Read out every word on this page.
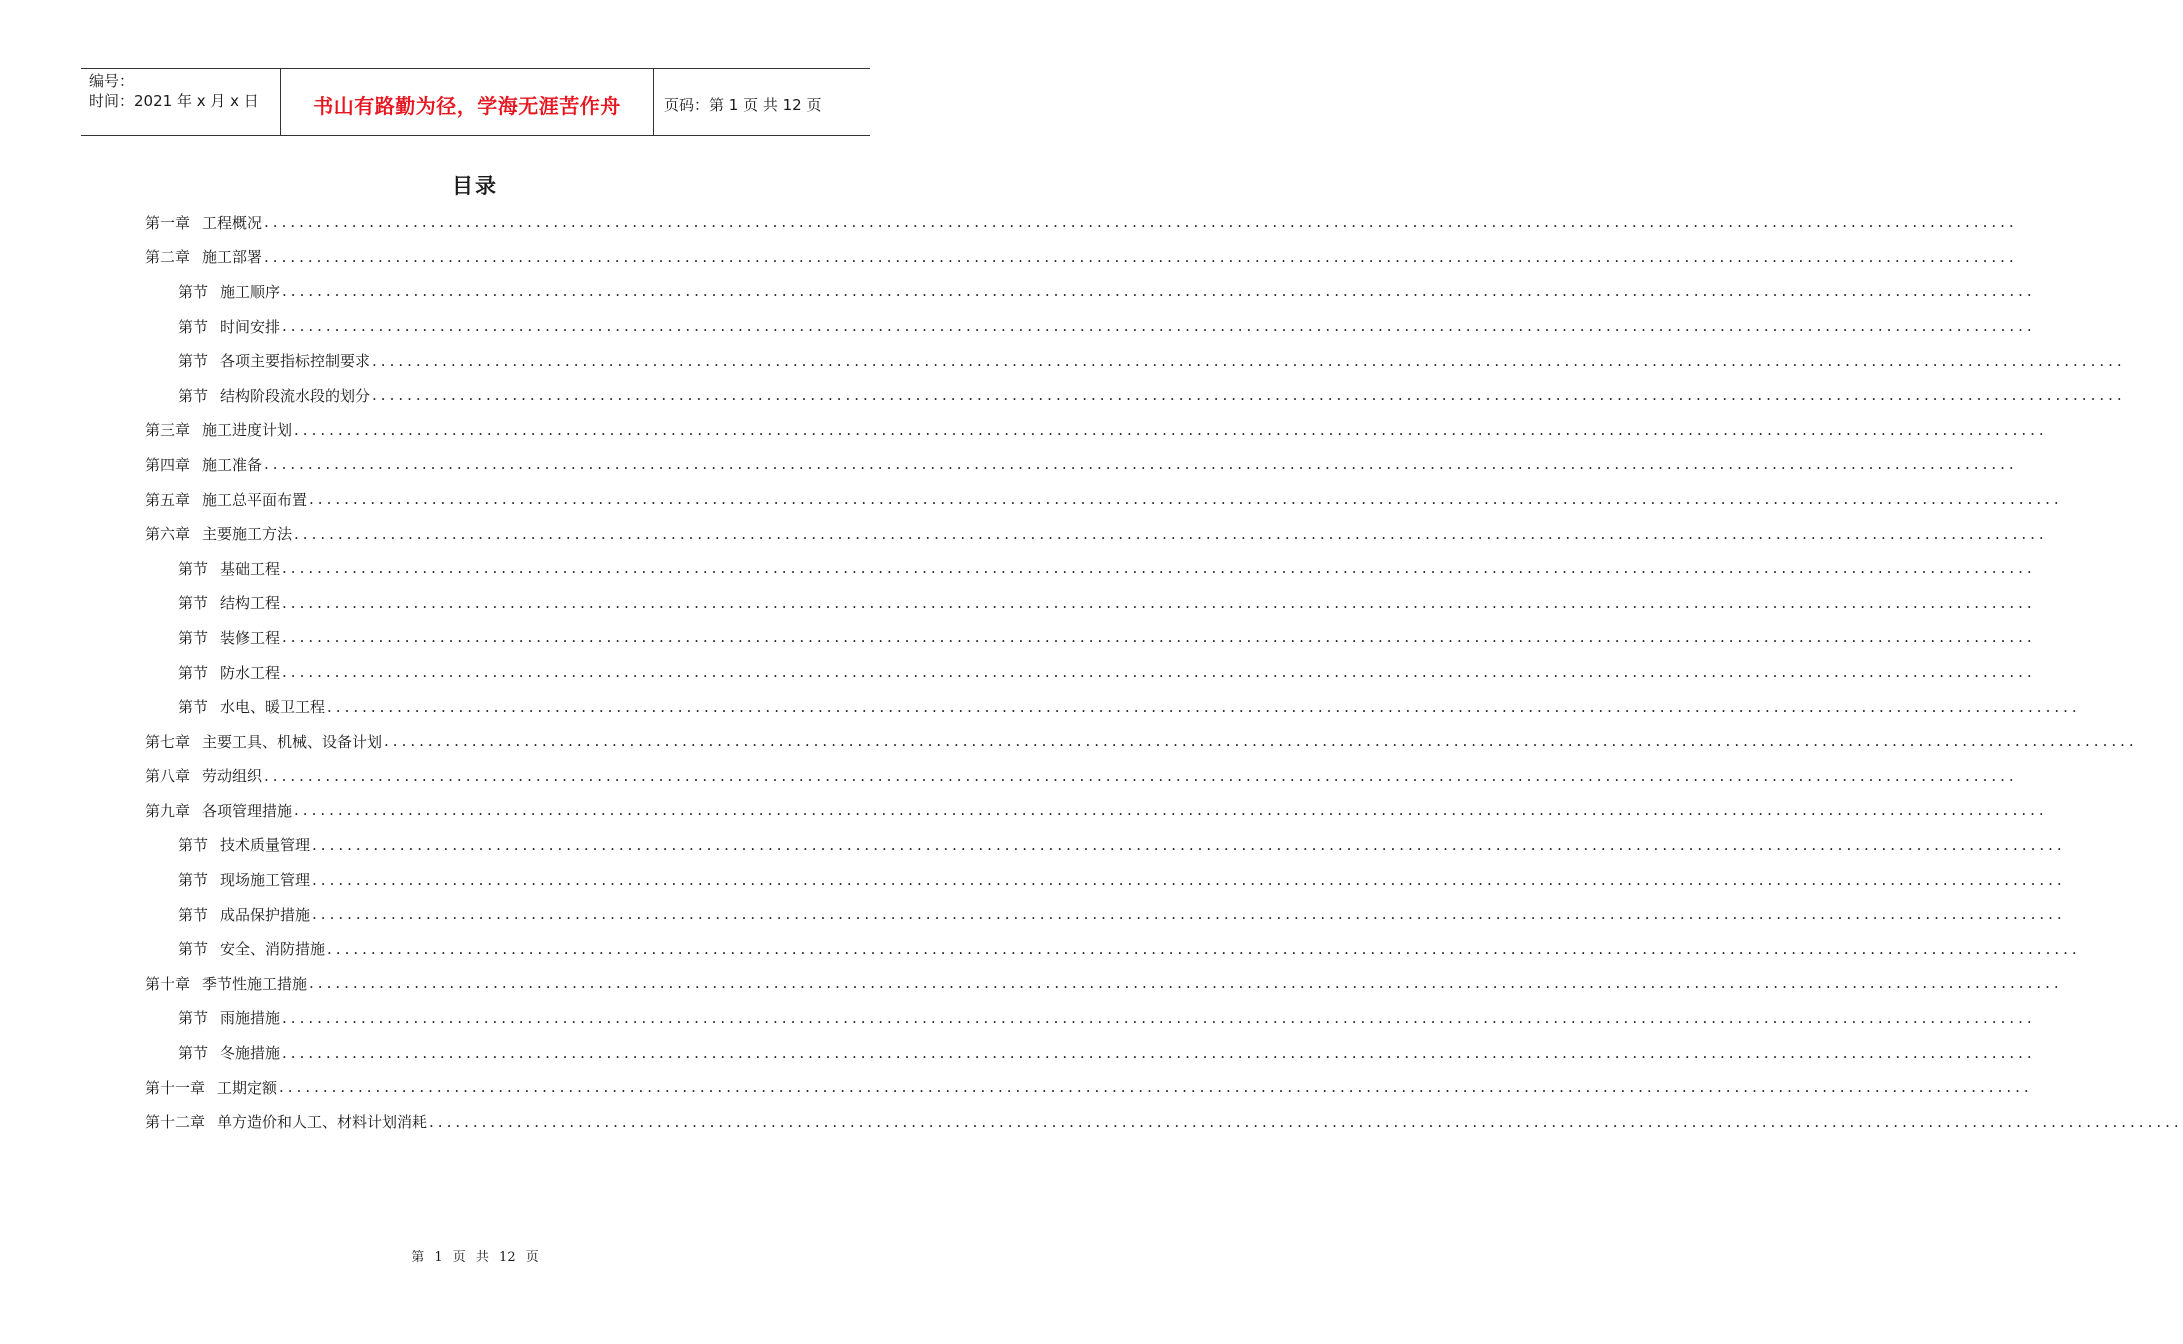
编号：
时间：2021 年 x 月 x 日	书山有路勤为径，学海无涯苦作舟	页码：第 1 页 共 12 页
目录
第一章 工程概况 ........................................................................................................................................................................................................
第二章 施工部署 ........................................................................................................................................................................................................
第节 施工顺序 ........................................................................................................................................................................................................
第节 时间安排 ........................................................................................................................................................................................................
第节 各项主要指标控制要求 ........................................................................................................................................................................................................
第节 结构阶段流水段的划分 ........................................................................................................................................................................................................
第三章 施工进度计划 ........................................................................................................................................................................................................
第四章 施工准备 ........................................................................................................................................................................................................
第五章 施工总平面布置 ........................................................................................................................................................................................................
第六章 主要施工方法 ........................................................................................................................................................................................................
第节 基础工程 ........................................................................................................................................................................................................
第节 结构工程 ........................................................................................................................................................................................................
第节 装修工程 ........................................................................................................................................................................................................
第节 防水工程 ........................................................................................................................................................................................................
第节 水电、暖卫工程 ........................................................................................................................................................................................................
第七章 主要工具、机械、设备计划 ........................................................................................................................................................................................................
第八章 劳动组织 ........................................................................................................................................................................................................
第九章 各项管理措施 ........................................................................................................................................................................................................
第节 技术质量管理 ........................................................................................................................................................................................................
第节 现场施工管理 ........................................................................................................................................................................................................
第节 成品保护措施 ........................................................................................................................................................................................................
第节 安全、消防措施 ........................................................................................................................................................................................................
第十章 季节性施工措施 ........................................................................................................................................................................................................
第节 雨施措施 ........................................................................................................................................................................................................
第节 冬施措施 ........................................................................................................................................................................................................
第十一章 工期定额 ........................................................................................................................................................................................................
第十二章 单方造价和人工、材料计划消耗 ........................................................................................................................................................................................................
第 1 页 共 12 页
